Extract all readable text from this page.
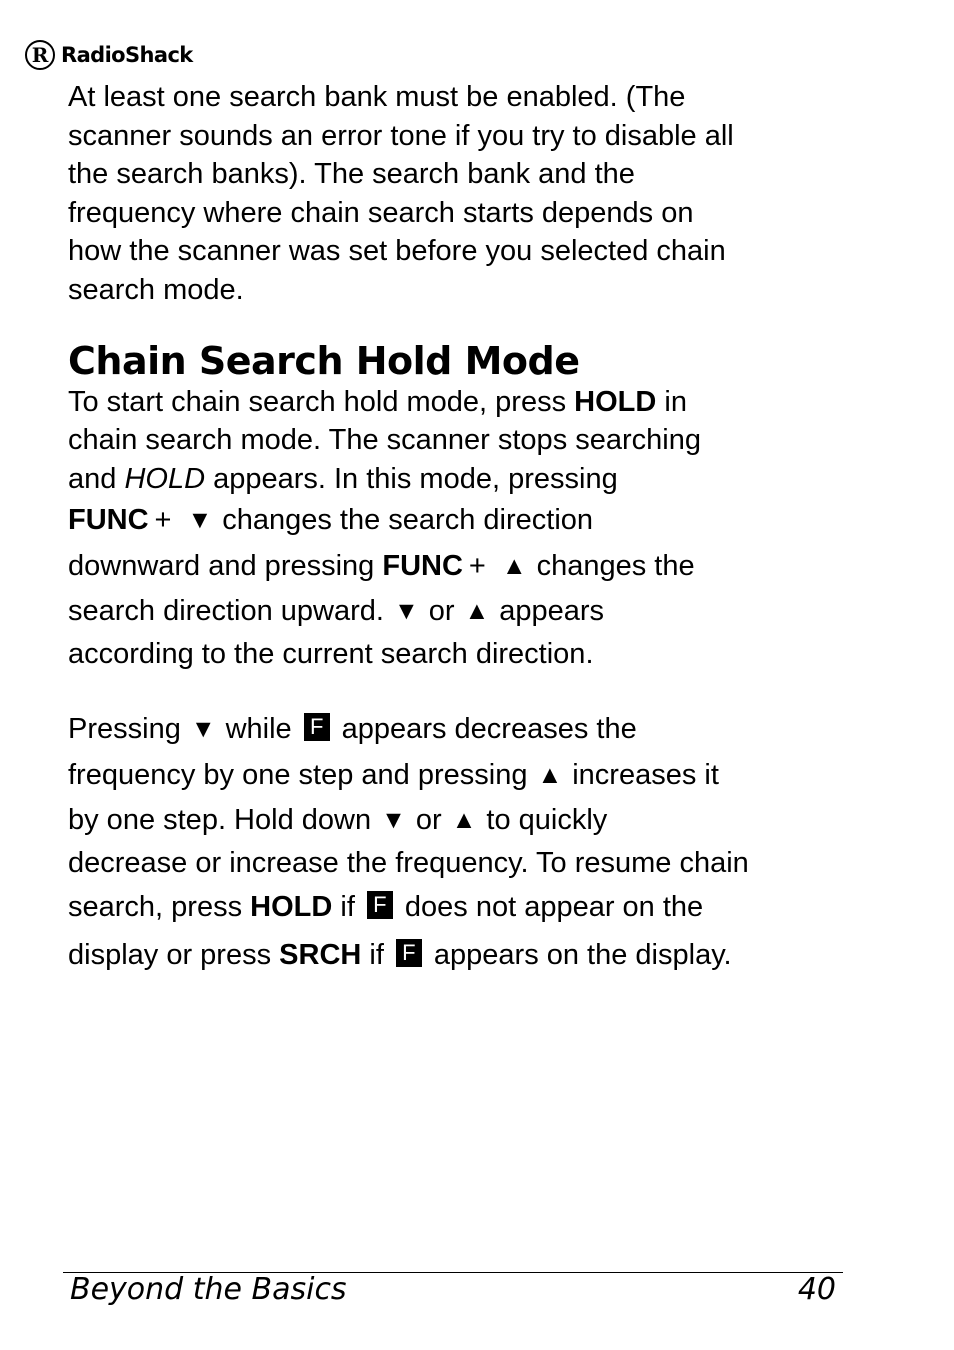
R RadioShack

At least one search bank must be enabled. (The
scanner sounds an error tone if you try to disable all
the search banks). The search bank and the
frequency where chain search starts depends on
how the scanner was set before you selected chain
search mode.

Chain Search Hold Mode

To start chain search hold mode, press HOLD in
chain search mode. The scanner stops searching
and HOLD appears. In this mode, pressing
FUNC + ▼ changes the search direction
downward and pressing FUNC + ▲ changes the
search direction upward. ▼ or ▲ appears
according to the current search direction.

Pressing ▼ while F appears decreases the
frequency by one step and pressing ▲ increases it
by one step. Hold down ▼ or ▲ to quickly
decrease or increase the frequency. To resume chain
search, press HOLD if F does not appear on the
display or press SRCH if F appears on the display.

Beyond the Basics	40
